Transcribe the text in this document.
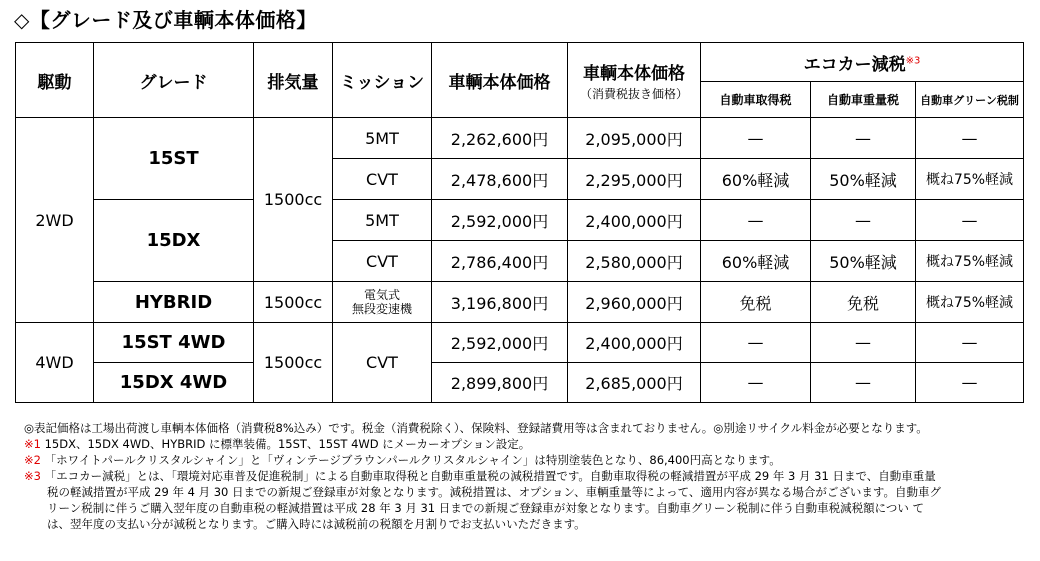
◇【グレード及び車輌本体価格】
駆動	グレード	排気量	ミッション	車輌本体価格	車輌本体価格
（消費税抜き価格）	エコカー減税$^{※3}$
						自動車取得税	自動車重量税	自動車グリーン税制
2WD	15ST	1500cc	5MT	2,262,600円	2,095,000円	—	—	—
			CVT	2,478,600円	2,295,000円	60%軽減	50%軽減	概ね75%軽減
	15DX		5MT	2,592,000円	2,400,000円	—	—	—
			CVT	2,786,400円	2,580,000円	60%軽減	50%軽減	概ね75%軽減
	HYBRID	1500cc	電気式
無段変速機	3,196,800円	2,960,000円	免税	免税	概ね75%軽減
4WD	15ST 4WD	1500cc	CVT	2,592,000円	2,400,000円	—	—	—
	15DX 4WD			2,899,800円	2,685,000円	—	—	—
◎表記価格は工場出荷渡し車輌本体価格（消費税8%込み）です。税金（消費税除く）、保険料、登録諸費用等は含まれておりません。◎別途リサイクル料金が必要となります。
※1 15DX、15DX 4WD、HYBRID に標準装備。15ST、15ST 4WD にメーカーオプション設定。
※2 「ホワイトパールクリスタルシャイン」と「ヴィンテージブラウンパールクリスタルシャイン」は特別塗装色となり、86,400円高となります。
※3 「エコカー減税」とは、「環境対応車普及促進税制」による自動車取得税と自動車重量税の減税措置です。自動車取得税の軽減措置が平成 29 年 3 月 31 日まで、自動車重量
税の軽減措置が平成 29 年 4 月 30 日までの新規ご登録車が対象となります。減税措置は、オプション、車輌重量等によって、適用内容が異なる場合がございます。自動車グ
リーン税制に伴うご購入翌年度の自動車税の軽減措置は平成 28 年 3 月 31 日までの新規ご登録車が対象となります。自動車グリーン税制に伴う自動車税減税額につい て
は、翌年度の支払い分が減税となります。ご購入時には減税前の税額を月割りでお支払いいただきます。
